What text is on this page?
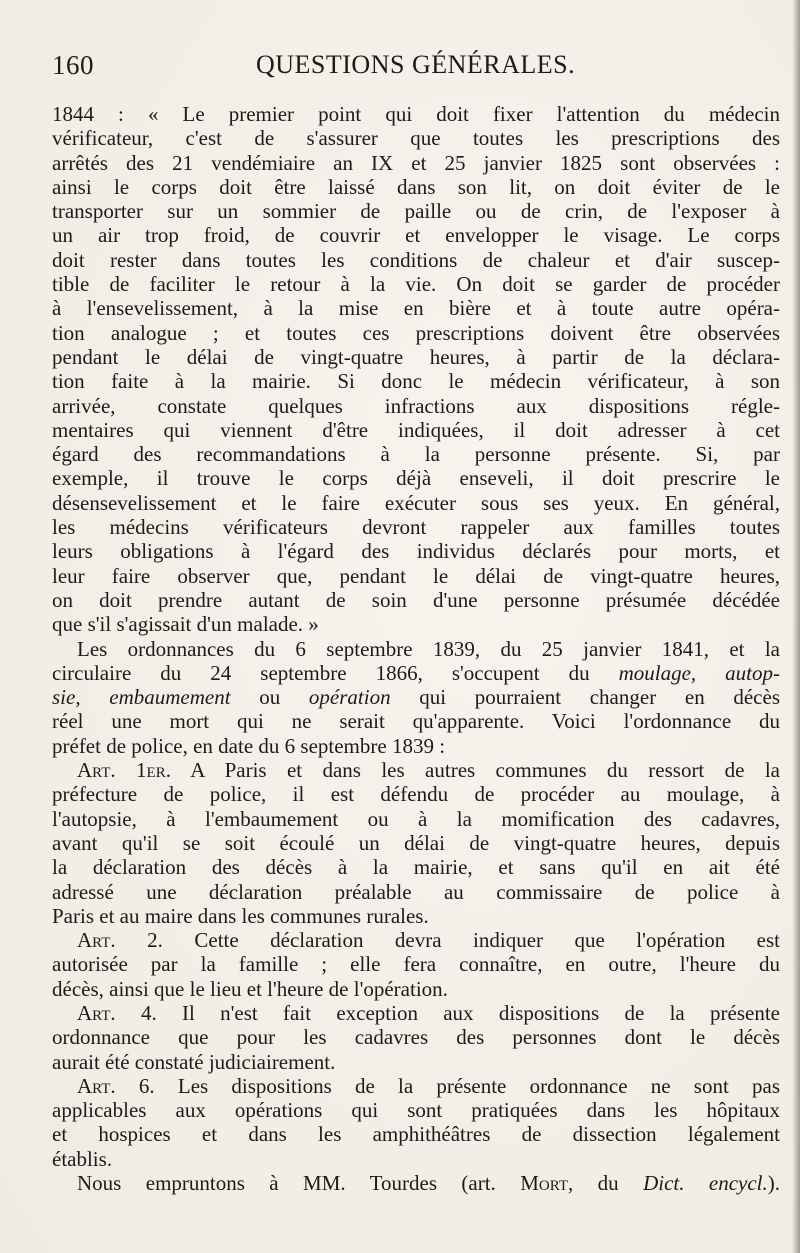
160	QUESTIONS GÉNÉRALES.

1844 : « Le premier point qui doit fixer l'attention du médecin

vérificateur, c'est de s'assurer que toutes les prescriptions des

arrêtés des 21 vendémiaire an IX et 25 janvier 1825 sont observées :

ainsi le corps doit être laissé dans son lit, on doit éviter de le

transporter sur un sommier de paille ou de crin, de l'exposer à

un air trop froid, de couvrir et envelopper le visage. Le corps

doit rester dans toutes les conditions de chaleur et d'air suscep-

tible de faciliter le retour à la vie. On doit se garder de procéder

à l'ensevelissement, à la mise en bière et à toute autre opéra-

tion analogue ; et toutes ces prescriptions doivent être observées

pendant le délai de vingt-quatre heures, à partir de la déclara-

tion faite à la mairie. Si donc le médecin vérificateur, à son

arrivée, constate quelques infractions aux dispositions régle-

mentaires qui viennent d'être indiquées, il doit adresser à cet

égard des recommandations à la personne présente. Si, par

exemple, il trouve le corps déjà enseveli, il doit prescrire le

désensevelissement et le faire exécuter sous ses yeux. En général,

les médecins vérificateurs devront rappeler aux familles toutes

leurs obligations à l'égard des individus déclarés pour morts, et

leur faire observer que, pendant le délai de vingt-quatre heures,

on doit prendre autant de soin d'une personne présumée décédée

que s'il s'agissait d'un malade. »

Les ordonnances du 6 septembre 1839, du 25 janvier 1841, et la

circulaire du 24 septembre 1866, s'occupent du moulage, autop-

sie, embaumement ou opération qui pourraient changer en décès

réel une mort qui ne serait qu'apparente. Voici l'ordonnance du

préfet de police, en date du 6 septembre 1839 :

Art. 1er. A Paris et dans les autres communes du ressort de la

préfecture de police, il est défendu de procéder au moulage, à

l'autopsie, à l'embaumement ou à la momification des cadavres,

avant qu'il se soit écoulé un délai de vingt-quatre heures, depuis

la déclaration des décès à la mairie, et sans qu'il en ait été

adressé une déclaration préalable au commissaire de police à

Paris et au maire dans les communes rurales.

Art. 2. Cette déclaration devra indiquer que l'opération est

autorisée par la famille ; elle fera connaître, en outre, l'heure du

décès, ainsi que le lieu et l'heure de l'opération.

Art. 4. Il n'est fait exception aux dispositions de la présente

ordonnance que pour les cadavres des personnes dont le décès

aurait été constaté judiciairement.

Art. 6. Les dispositions de la présente ordonnance ne sont pas

applicables aux opérations qui sont pratiquées dans les hôpitaux

et hospices et dans les amphithéâtres de dissection légalement

établis.

Nous empruntons à MM. Tourdes (art. Mort, du Dict. encycl.).
